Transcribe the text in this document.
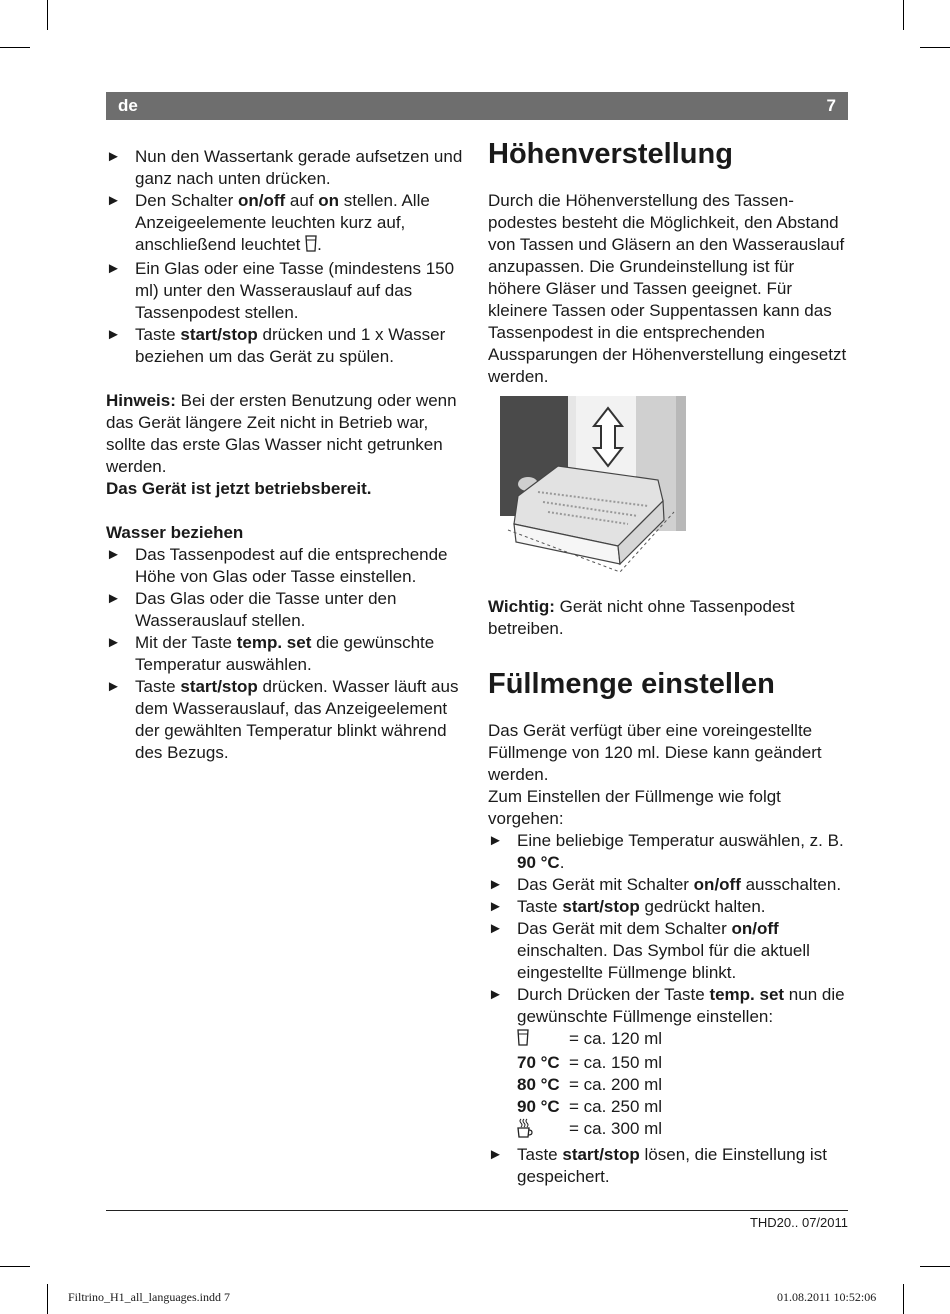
de	7
► Nun den Wassertank gerade aufsetzen und ganz nach unten drücken.
► Den Schalter on/off auf on stellen. Alle Anzeigeelemente leuchten kurz auf, anschließend leuchtet .
► Ein Glas oder eine Tasse (mindestens 150 ml) unter den Wasserauslauf auf das Tassenpodest stellen.
► Taste start/stop drücken und 1 x Wasser beziehen um das Gerät zu spülen.

Hinweis: Bei der ersten Benutzung oder wenn das Gerät längere Zeit nicht in Betrieb war, sollte das erste Glas Wasser nicht getrunken werden.

Das Gerät ist jetzt betriebsbereit.

Wasser beziehen

► Das Tassenpodest auf die entsprechende Höhe von Glas oder Tasse einstellen.
► Das Glas oder die Tasse unter den Wasserauslauf stellen.
► Mit der Taste temp. set die gewünschte Temperatur auswählen.
► Taste start/stop drücken. Wasser läuft aus dem Wasserauslauf, das Anzeigeelement der gewählten Temperatur blinkt während des Bezugs.
Höhenverstellung

Durch die Höhenverstellung des Tassenpodestes besteht die Möglichkeit, den Abstand von Tassen und Gläsern an den Wasserauslauf anzupassen. Die Grundeinstellung ist für höhere Gläser und Tassen geeignet. Für kleinere Tassen oder Suppentassen kann das Tassenpodest in die entsprechenden Aussparungen der Höhenverstellung eingesetzt werden.

Wichtig: Gerät nicht ohne Tassenpodest betreiben.

Füllmenge einstellen

Das Gerät verfügt über eine voreingestellte Füllmenge von 120 ml. Diese kann geändert werden.

Zum Einstellen der Füllmenge wie folgt vorgehen:

► Eine beliebige Temperatur auswählen, z. B. 90 °C.
► Das Gerät mit Schalter on/off ausschalten.
► Taste start/stop gedrückt halten.
► Das Gerät mit dem Schalter on/off einschalten. Das Symbol für die aktuell eingestellte Füllmenge blinkt.
► Durch Drücken der Taste temp. set nun die gewünschte Füllmenge einstellen:
= ca. 120 ml
70 °C = ca. 150 ml
80 °C = ca. 200 ml
90 °C = ca. 250 ml
= ca. 300 ml
► Taste start/stop lösen, die Einstellung ist gespeichert.
THD20.. 07/2011
Filtrino_H1_all_languages.indd 7	01.08.2011 10:52:06
